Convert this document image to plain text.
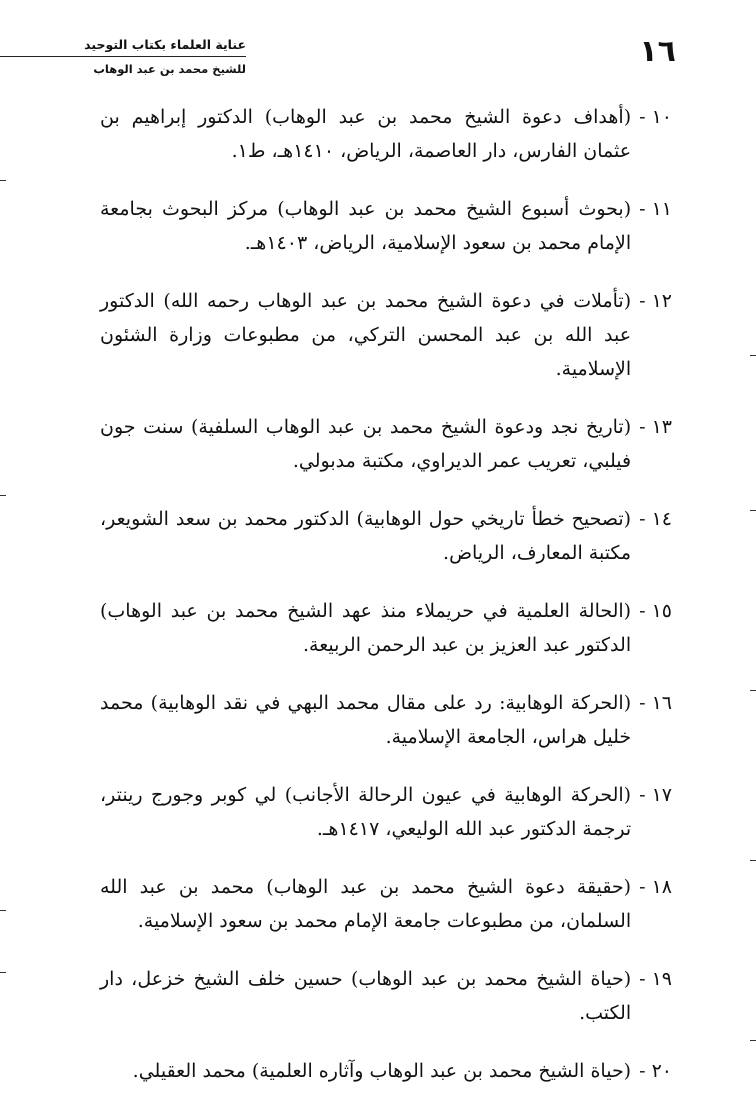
١٦
عناية العلماء بكتاب التوحيد
للشيخ محمد بن عبد الوهاب
١٠ -
(أهداف دعوة الشيخ محمد بن عبد الوهاب) الدكتور إبراهيم بن عثمان الفارس، دار العاصمة، الرياض، ١٤١٠هـ، ط١.
١١ -
(بحوث أسبوع الشيخ محمد بن عبد الوهاب) مركز البحوث بجامعة الإمام محمد بن سعود الإسلامية، الرياض، ١٤٠٣هـ.
١٢ -
(تأملات في دعوة الشيخ محمد بن عبد الوهاب رحمه الله) الدكتور عبد الله بن عبد المحسن التركي، من مطبوعات وزارة الشئون الإسلامية.
١٣ -
(تاريخ نجد ودعوة الشيخ محمد بن عبد الوهاب السلفية) سنت جون فيلبي، تعريب عمر الديراوي، مكتبة مدبولي.
١٤ -
(تصحيح خطأ تاريخي حول الوهابية) الدكتور محمد بن سعد الشويعر، مكتبة المعارف، الرياض.
١٥ -
(الحالة العلمية في حريملاء منذ عهد الشيخ محمد بن عبد الوهاب) الدكتور عبد العزيز بن عبد الرحمن الربيعة.
١٦ -
(الحركة الوهابية: رد على مقال محمد البهي في نقد الوهابية) محمد خليل هراس، الجامعة الإسلامية.
١٧ -
(الحركة الوهابية في عيون الرحالة الأجانب) لي كوبر وجورج رينتر، ترجمة الدكتور عبد الله الوليعي، ١٤١٧هـ.
١٨ -
(حقيقة دعوة الشيخ محمد بن عبد الوهاب) محمد بن عبد الله السلمان، من مطبوعات جامعة الإمام محمد بن سعود الإسلامية.
١٩ -
(حياة الشيخ محمد بن عبد الوهاب) حسين خلف الشيخ خزعل، دار الكتب.
٢٠ -
(حياة الشيخ محمد بن عبد الوهاب وآثاره العلمية) محمد العقيلي.
